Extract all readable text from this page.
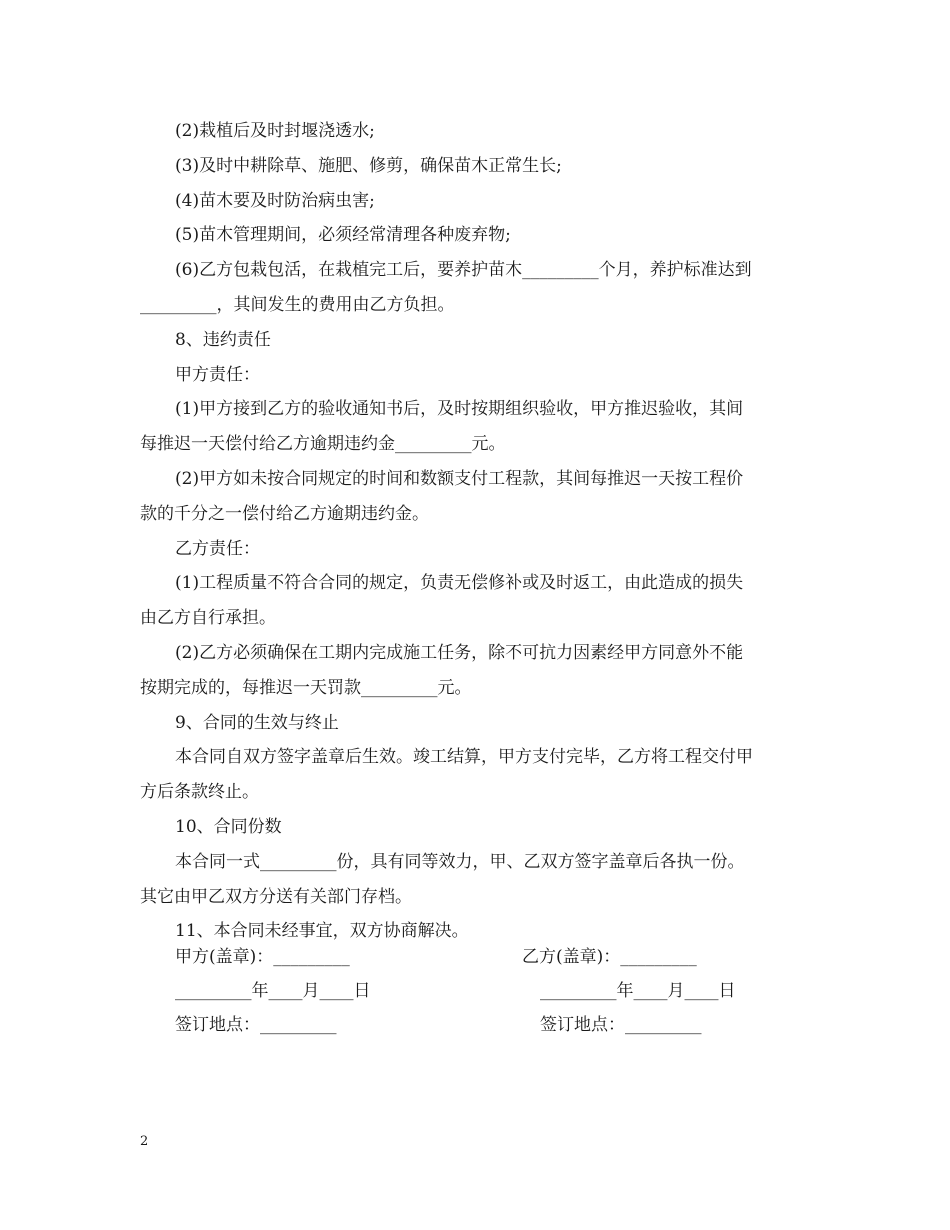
(2)栽植后及时封堰浇透水;

(3)及时中耕除草、施肥、修剪，确保苗木正常生长;

(4)苗木要及时防治病虫害;

(5)苗木管理期间，必须经常清理各种废弃物;

(6)乙方包栽包活，在栽植完工后，要养护苗木_________个月，养护标准达到

_________，其间发生的费用由乙方负担。

8、违约责任

甲方责任：

(1)甲方接到乙方的验收通知书后，及时按期组织验收，甲方推迟验收，其间

每推迟一天偿付给乙方逾期违约金_________元。

(2)甲方如未按合同规定的时间和数额支付工程款，其间每推迟一天按工程价

款的千分之一偿付给乙方逾期违约金。

乙方责任：

(1)工程质量不符合合同的规定，负责无偿修补或及时返工，由此造成的损失

由乙方自行承担。

(2)乙方必须确保在工期内完成施工任务，除不可抗力因素经甲方同意外不能

按期完成的，每推迟一天罚款_________元。

9、合同的生效与终止

本合同自双方签字盖章后生效。竣工结算，甲方支付完毕，乙方将工程交付甲

方后条款终止。

10、合同份数

本合同一式_________份，具有同等效力，甲、乙双方签字盖章后各执一份。

其它由甲乙双方分送有关部门存档。

11、本合同未经事宜，双方协商解决。

甲方(盖章)：_________	乙方(盖章)：_________

_________年____月____日	_________年____月____日

签订地点：_________	签订地点：_________

2
